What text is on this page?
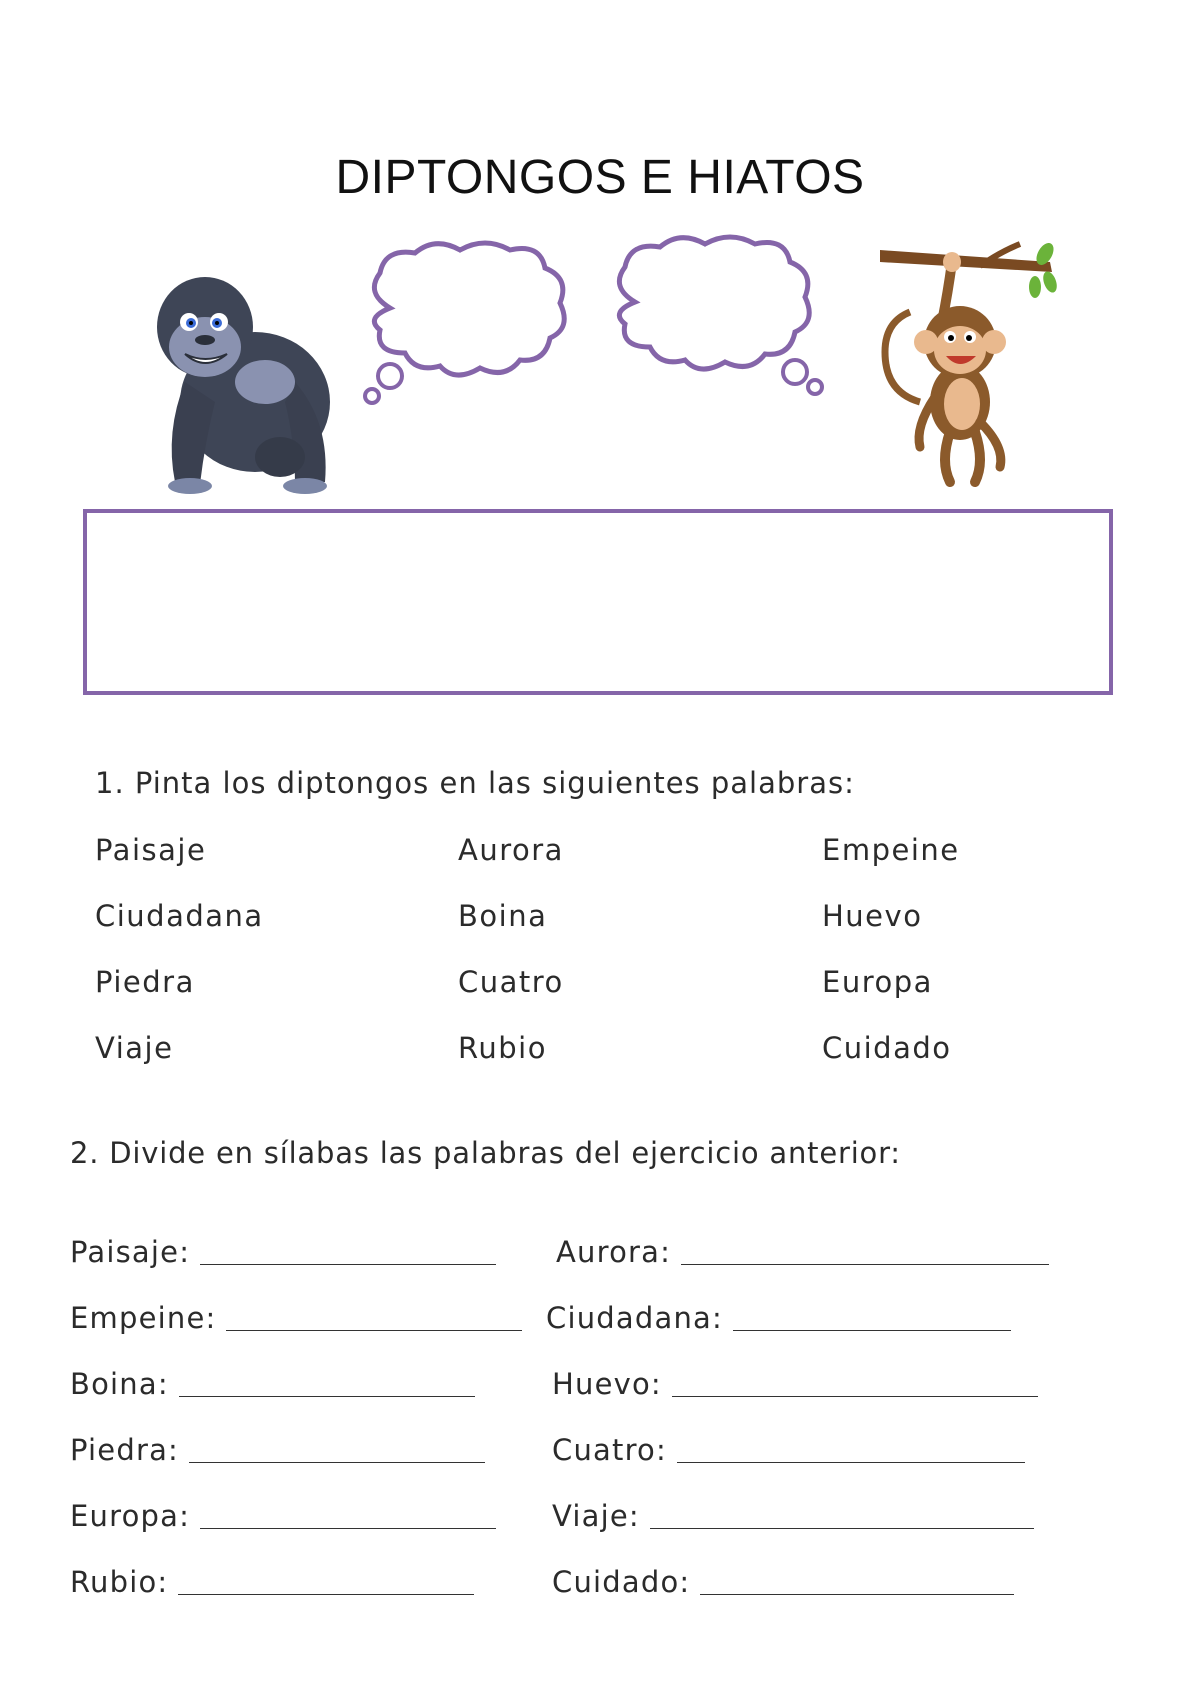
DIPTONGOS E HIATOS
1. Pinta los diptongos en las siguientes palabras:
Paisaje	Aurora	Empeine
Ciudadana	Boina	Huevo
Piedra	Cuatro	Europa
Viaje	Rubio	Cuidado
2. Divide en sílabas las palabras del ejercicio anterior:
Paisaje:	Aurora:
Empeine:	Ciudadana:
Boina:	Huevo:
Piedra:	Cuatro:
Europa:	Viaje:
Rubio:	Cuidado:
